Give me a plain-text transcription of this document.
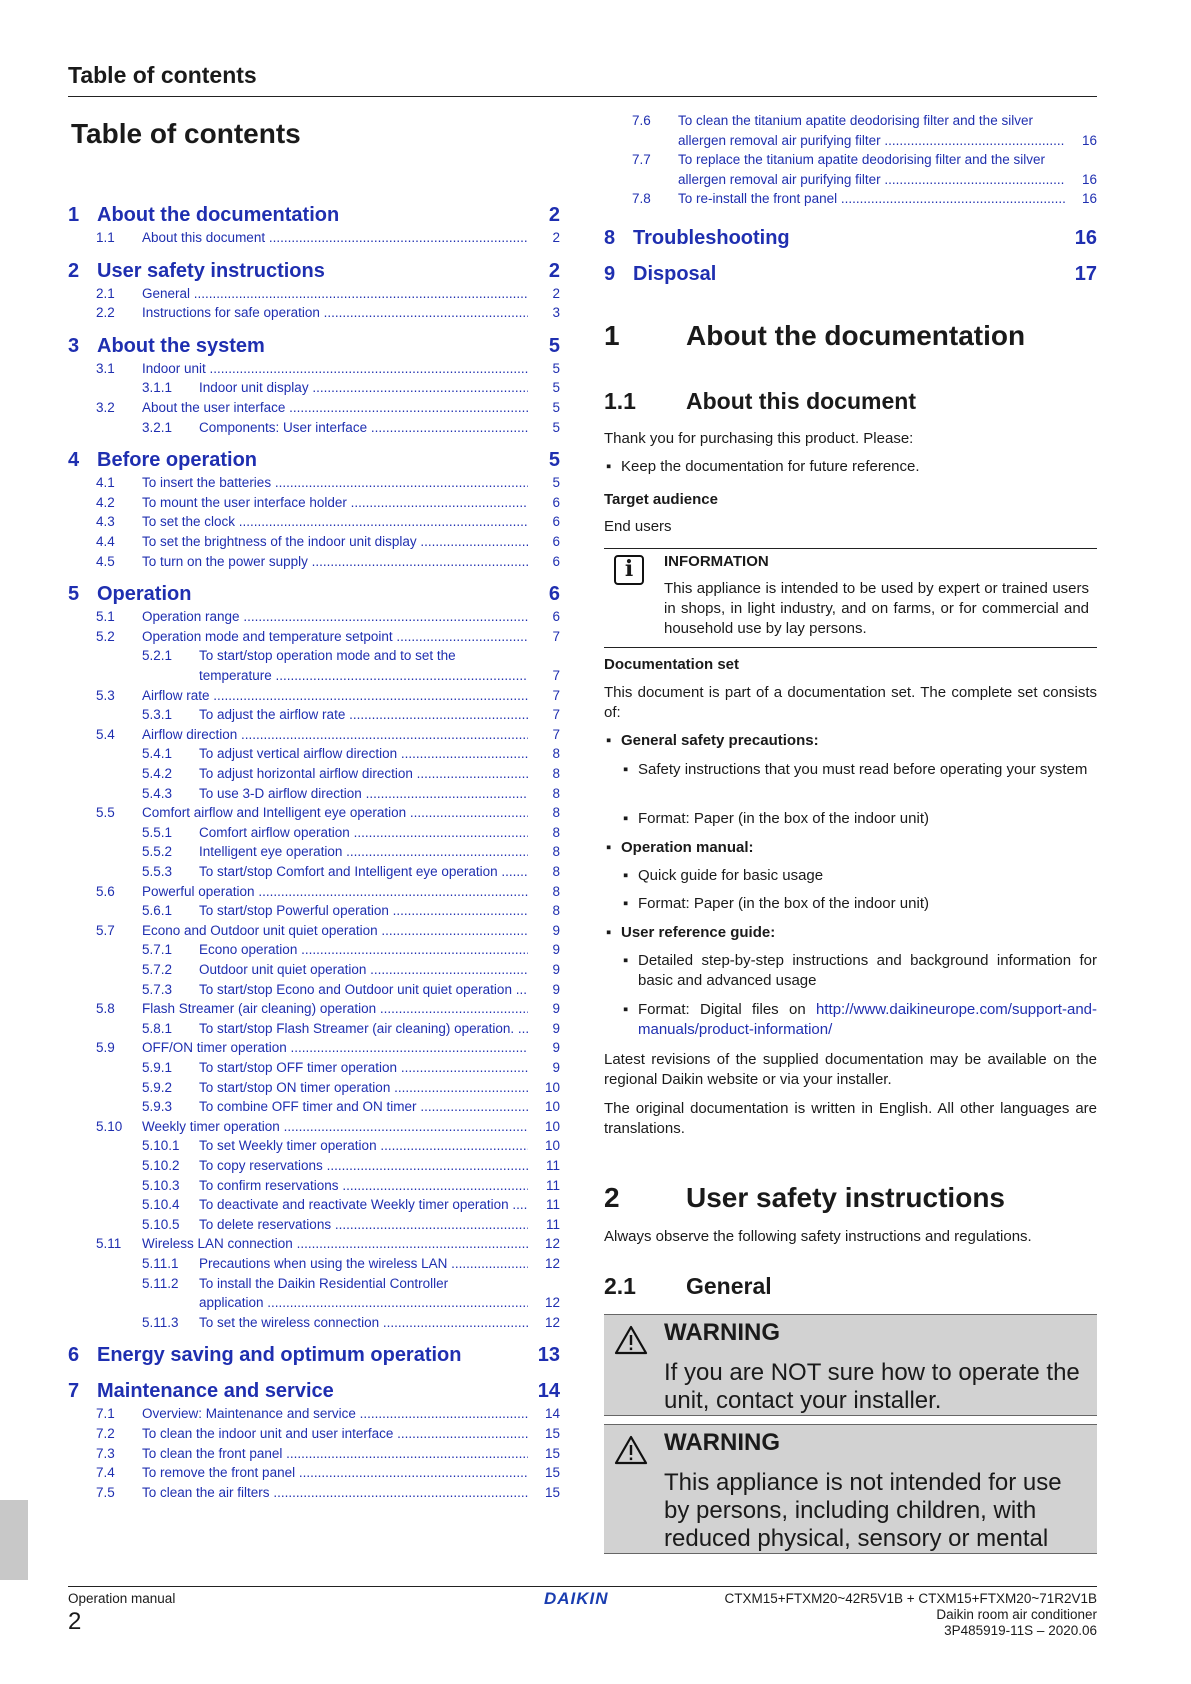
Table of contents
Table of contents
1 About the documentation	2
1.1 About this document .....	2
2 User safety instructions	2
2.1 General .....	2
2.2 Instructions for safe operation .....	3
3 About the system	5
3.1 Indoor unit .....	5
3.1.1 Indoor unit display .....	5
3.2 About the user interface .....	5
3.2.1 Components: User interface .....	5
4 Before operation	5
4.1 To insert the batteries .....	5
4.2 To mount the user interface holder .....	6
4.3 To set the clock .....	6
4.4 To set the brightness of the indoor unit display .....	6
4.5 To turn on the power supply .....	6
5 Operation	6
5.1 Operation range .....	6
5.2 Operation mode and temperature setpoint .....	7
5.2.1 To start/stop operation mode and to set the
temperature .....	7
5.3 Airflow rate .....	7
5.3.1 To adjust the airflow rate .....	7
5.4 Airflow direction .....	7
5.4.1 To adjust vertical airflow direction .....	8
5.4.2 To adjust horizontal airflow direction .....	8
5.4.3 To use 3-D airflow direction .....	8
5.5 Comfort airflow and Intelligent eye operation .....	8
5.5.1 Comfort airflow operation .....	8
5.5.2 Intelligent eye operation .....	8
5.5.3 To start/stop Comfort and Intelligent eye operation .....	8
5.6 Powerful operation .....	8
5.6.1 To start/stop Powerful operation .....	8
5.7 Econo and Outdoor unit quiet operation .....	9
5.7.1 Econo operation .....	9
5.7.2 Outdoor unit quiet operation .....	9
5.7.3 To start/stop Econo and Outdoor unit quiet operation .....	9
5.8 Flash Streamer (air cleaning) operation .....	9
5.8.1 To start/stop Flash Streamer (air cleaning) operation. .....	9
5.9 OFF/ON timer operation .....	9
5.9.1 To start/stop OFF timer operation .....	9
5.9.2 To start/stop ON timer operation .....	10
5.9.3 To combine OFF timer and ON timer .....	10
5.10 Weekly timer operation .....	10
5.10.1 To set Weekly timer operation .....	10
5.10.2 To copy reservations .....	11
5.10.3 To confirm reservations .....	11
5.10.4 To deactivate and reactivate Weekly timer operation .....	11
5.10.5 To delete reservations .....	11
5.11 Wireless LAN connection .....	12
5.11.1 Precautions when using the wireless LAN .....	12
5.11.2 To install the Daikin Residential Controller
application .....	12
5.11.3 To set the wireless connection .....	12
6 Energy saving and optimum operation	13
7 Maintenance and service	14
7.1 Overview: Maintenance and service .....	14
7.2 To clean the indoor unit and user interface .....	15
7.3 To clean the front panel .....	15
7.4 To remove the front panel .....	15
7.5 To clean the air filters .....	15
7.6 To clean the titanium apatite deodorising filter and the silver
allergen removal air purifying filter .....	16
7.7 To replace the titanium apatite deodorising filter and the silver
allergen removal air purifying filter .....	16
7.8 To re-install the front panel .....	16
8 Troubleshooting	16
9 Disposal	17
1 About the documentation
1.1 About this document
Thank you for purchasing this product. Please:
▪ Keep the documentation for future reference.
Target audience
End users
i	INFORMATION
This appliance is intended to be used by expert or trained users in shops, in light industry, and on farms, or for commercial and household use by lay persons.
Documentation set
This document is part of a documentation set. The complete set consists of:
▪ General safety precautions:
▪ Safety instructions that you must read before operating your system
▪ Format: Paper (in the box of the indoor unit)
▪ Operation manual:
▪ Quick guide for basic usage
▪ Format: Paper (in the box of the indoor unit)
▪ User reference guide:
▪ Detailed step-by-step instructions and background information for basic and advanced usage
▪ Format: Digital files on http://www.daikineurope.com/support-and-manuals/product-information/
Latest revisions of the supplied documentation may be available on the regional Daikin website or via your installer.
The original documentation is written in English. All other languages are translations.
2 User safety instructions
Always observe the following safety instructions and regulations.
2.1 General
WARNING
If you are NOT sure how to operate the unit, contact your installer.
WARNING
This appliance is not intended for use by persons, including children, with reduced physical, sensory or mental
Operation manual
2
DAIKIN	CTXM15+FTXM20~42R5V1B + CTXM15+FTXM20~71R2V1B
Daikin room air conditioner
3P485919-11S – 2020.06
